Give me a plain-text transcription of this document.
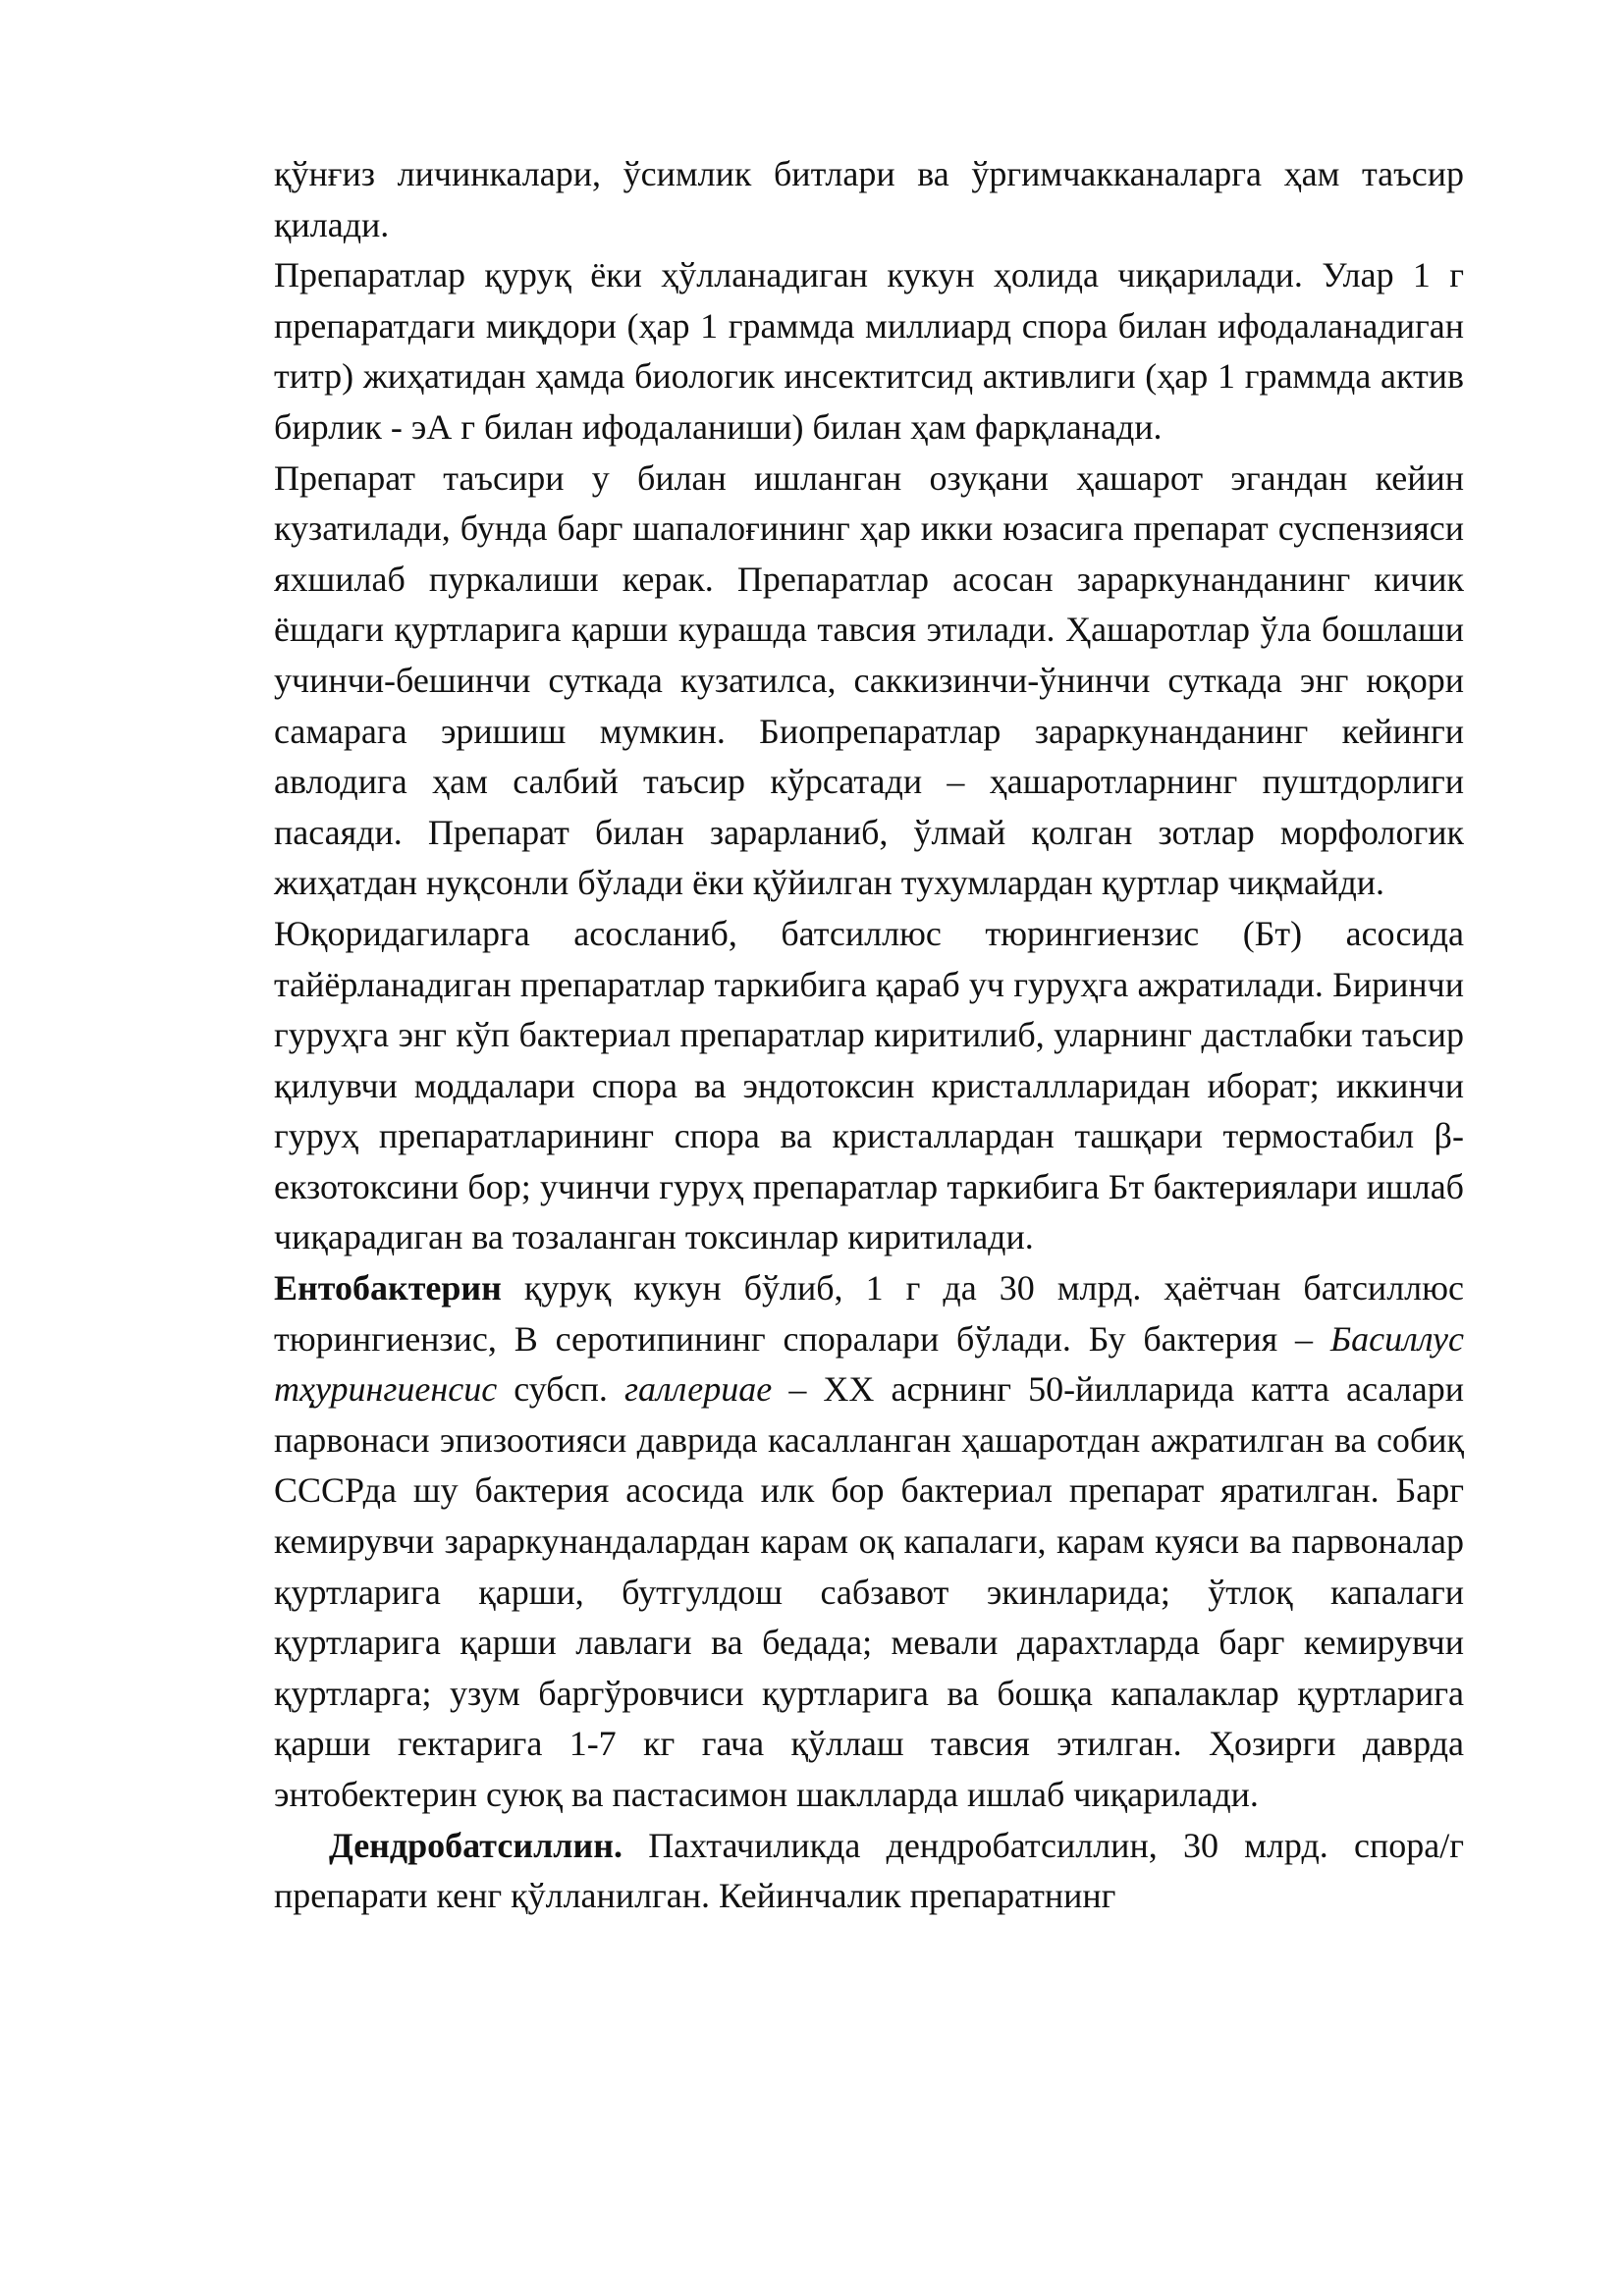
қўнғиз личинкалари, ўсимлик битлари ва ўргимчакканаларга ҳам таъсир қилади.

Препаратлар қуруқ ёки ҳўлланадиган кукун ҳолида чиқарилади. Улар 1 г препаратдаги миқдори (ҳар 1 граммда миллиард спора билан ифодаланадиган титр) жиҳатидан ҳамда биологик инсектитсид активлиги (ҳар 1 граммда актив бирлик - эА г билан ифодаланиши) билан ҳам фарқланади.

Препарат таъсири у билан ишланган озуқани ҳашарот эгандан кейин кузатилади, бунда барг шапалоғининг ҳар икки юзасига препарат суспензияси яхшилаб пуркалиши керак. Препаратлар асосан зараркунанданинг кичик ёшдаги қуртларига қарши курашда тавсия этилади. Ҳашаротлар ўла бошлаши учинчи-бешинчи суткада кузатилса, саккизинчи-ўнинчи суткада энг юқори самарага эришиш мумкин. Биопрепаратлар зараркунанданинг кейинги авлодига ҳам салбий таъсир кўрсатади – ҳашаротларнинг пуштдорлиги пасаяди. Препарат билан зарарланиб, ўлмай қолган зотлар морфологик жиҳатдан нуқсонли бўлади ёки қўйилган тухумлардан қуртлар чиқмайди.

Юқоридагиларга асосланиб, батсиллюс тюрингиензис (Бт) асосида тайёрланадиган препаратлар таркибига қараб уч гуруҳга ажратилади. Биринчи гуруҳга энг кўп бактериал препаратлар киритилиб, уларнинг дастлабки таъсир қилувчи моддалари спора ва эндотоксин кристаллларидан иборат; иккинчи гуруҳ препаратларининг спора ва кристаллардан ташқари термостабил β-екзотоксини бор; учинчи гуруҳ препаратлар таркибига Бт бактериялари ишлаб чиқарадиган ва тозаланган токсинлар киритилади.

Ентобактерин қуруқ кукун бўлиб, 1 г да 30 млрд. ҳаётчан батсиллюс тюрингиензис, В серотипининг споралари бўлади. Бу бактерия – Басиллус тҳурингиенсис субсп. галлериае – XX асрнинг 50-йилларида катта асалари парвонаси эпизоотияси даврида касалланган ҳашаротдан ажратилган ва собиқ СССРда шу бактерия асосида илк бор бактериал препарат яратилган. Барг кемирувчи зараркунандалардан карам оқ капалаги, карам куяси ва парвоналар қуртларига қарши, бутгулдош сабзавот экинларида; ўтлоқ капалаги қуртларига қарши лавлаги ва бедада; мевали дарахтларда барг кемирувчи қуртларга; узум баргўровчиси қуртларига ва бошқа капалаклар қуртларига қарши гектарига 1-7 кг гача қўллаш тавсия этилган. Ҳозирги даврда энтобектерин суюқ ва пастасимон шаклларда ишлаб чиқарилади.

Дендробатсиллин. Пахтачиликда дендробатсиллин, 30 млрд. спора/г препарати кенг қўлланилган. Кейинчалик препаратнинг
